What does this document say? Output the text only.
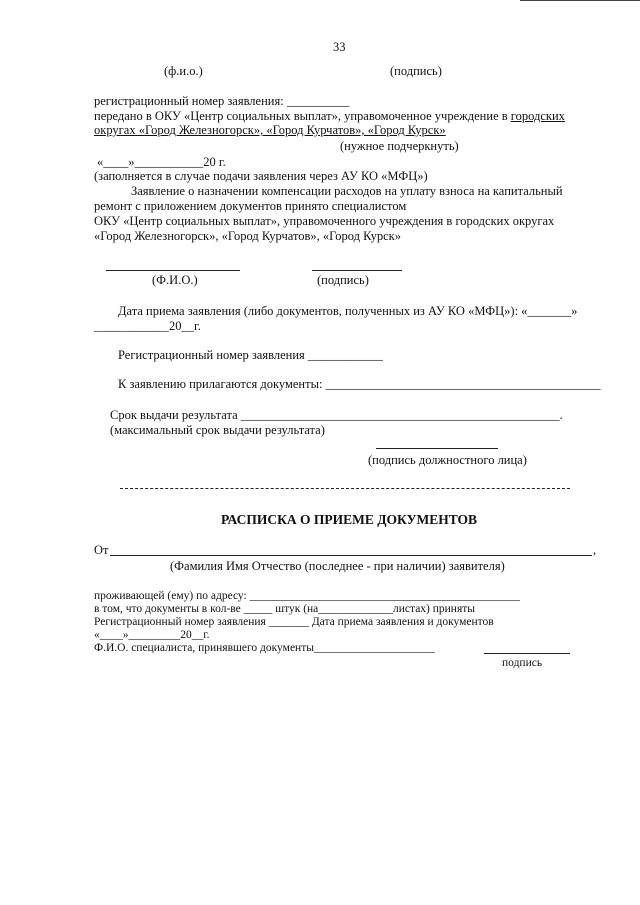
33
(ф.и.о.)	(подпись)
регистрационный номер заявления: __________
передано в ОКУ «Центр социальных выплат», управомоченное учреждение в городских
округах «Город Железногорск», «Город Курчатов», «Город Курск»
(нужное подчеркнуть)
«____»___________20 г.
(заполняется в случае подачи заявления через АУ КО «МФЦ»)
Заявление о назначении компенсации расходов на уплату взноса на капитальный
ремонт с приложением документов принято специалистом
ОКУ «Центр социальных выплат», управомоченного учреждения в городских округах
«Город Железногорск», «Город Курчатов», «Город Курск»
(Ф.И.О.)	(подпись)
Дата приема заявления (либо документов, полученных из АУ КО «МФЦ»): «_______»
____________20__г.
Регистрационный номер заявления ____________
К заявлению прилагаются документы: ____________________________________________
Срок выдачи результата ___________________________________________________.
(максимальный срок выдачи результата)
(подпись должностного лица)
РАСПИСКА О ПРИЕМЕ ДОКУМЕНТОВ
От	,
(Фамилия Имя Отчество (последнее - при наличии) заявителя)
проживающей (ему) по адресу: _______________________________________________
в том, что документы в кол-ве _____ штук (на_____________листах) приняты
Регистрационный номер заявления _______ Дата приема заявления и документов
«____»_________20__г.
Ф.И.О. специалиста, принявшего документы_____________________
подпись
